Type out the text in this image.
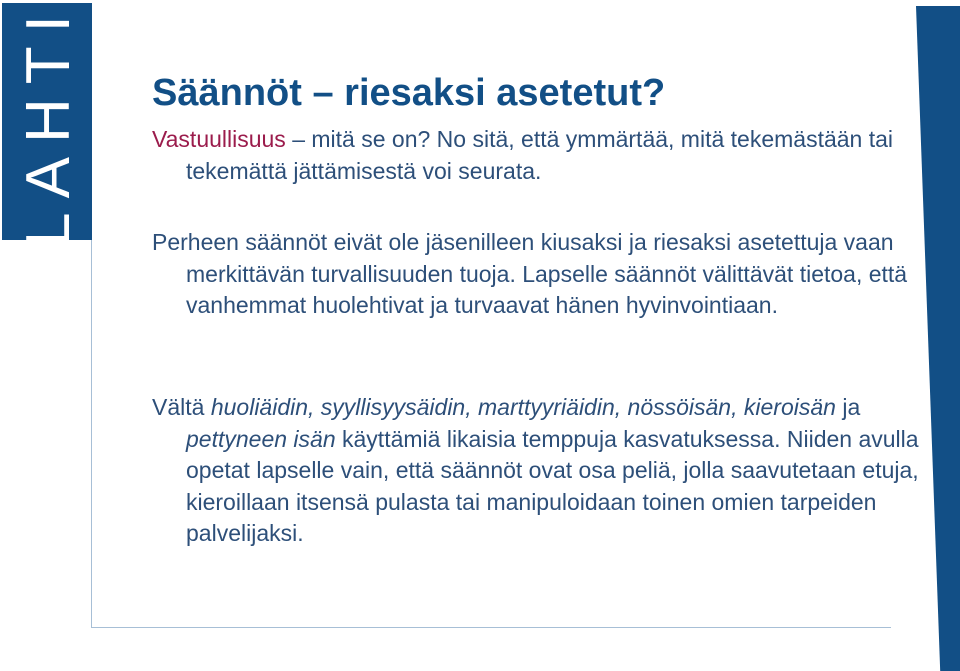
LAHTI Säännöt – riesaksi asetetut?

Vastuullisuus – mitä se on? No sitä, että ymmärtää, mitä tekemästään tai tekemättä jättämisestä voi seurata.

Perheen säännöt eivät ole jäsenilleen kiusaksi ja riesaksi asetettuja vaan merkittävän turvallisuuden tuoja. Lapselle säännöt välittävät tietoa, että vanhemmat huolehtivat ja turvaavat hänen hyvinvointiaan.

Vältä huoliäidin, syyllisyysäidin, marttyyriäidin, nössöisän, kieroisän ja pettyneen isän käyttämiä likaisia temppuja kasvatuksessa. Niiden avulla opetat lapselle vain, että säännöt ovat osa peliä, jolla saavutetaan etuja, kieroillaan itsensä pulasta tai manipuloidaan toinen omien tarpeiden palvelijaksi.
